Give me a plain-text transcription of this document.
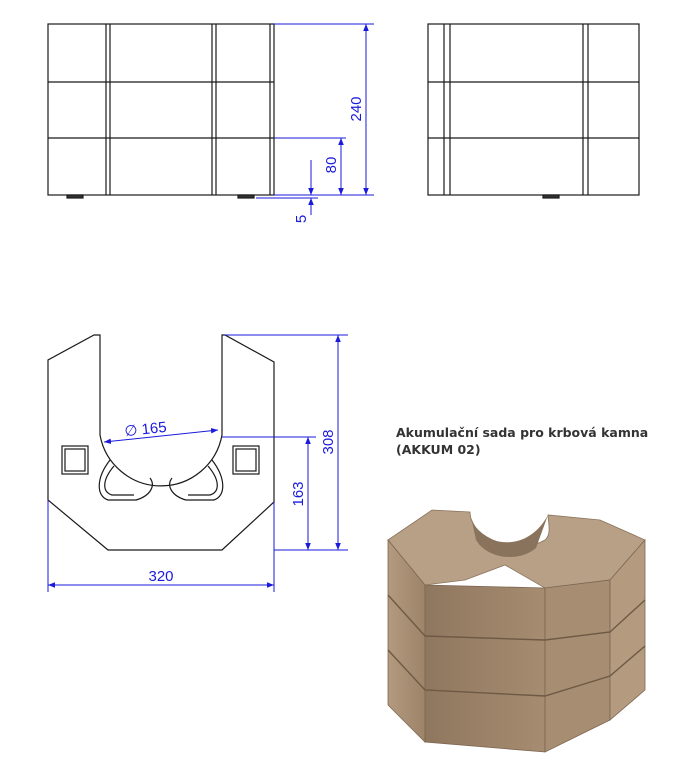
240
80
5
308
163
∅ 165
320
Akumulační sada pro krbová kamna
(AKKUM 02)
